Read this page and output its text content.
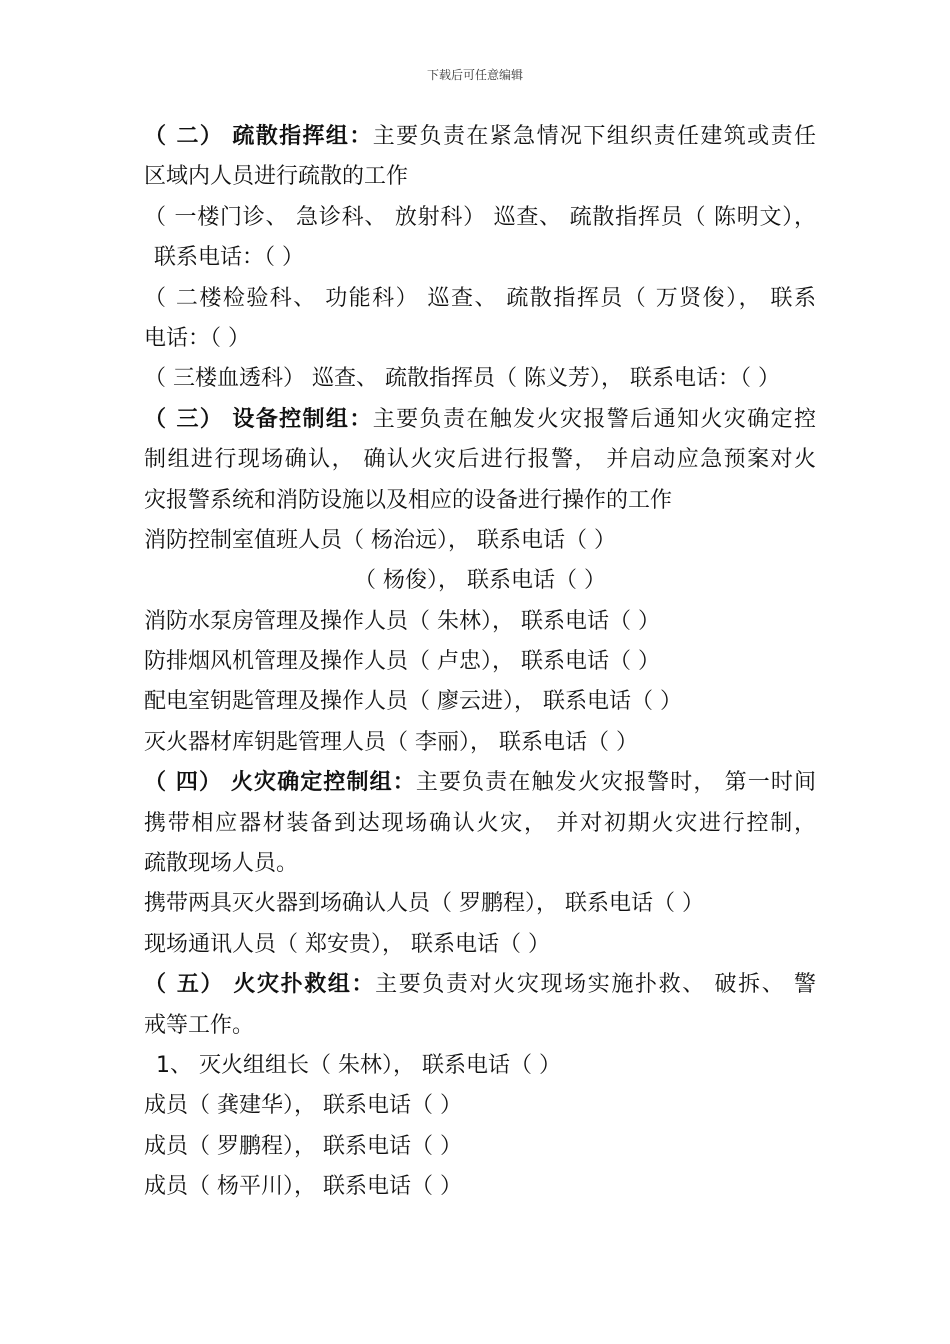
下载后可任意编辑
（ 二） 疏散指挥组：主要负责在紧急情况下组织责任建筑或责任
区域内人员进行疏散的工作
（ 一楼门诊、 急诊科、 放射科） 巡查、 疏散指挥员（ 陈明文），
联系电话：（ ）
（ 二楼检验科、 功能科） 巡查、 疏散指挥员（ 万贤俊）， 联系
电话：（ ）
（ 三楼血透科） 巡查、 疏散指挥员（ 陈义芳）， 联系电话：（ ）
（ 三） 设备控制组：主要负责在触发火灾报警后通知火灾确定控
制组进行现场确认， 确认火灾后进行报警， 并启动应急预案对火
灾报警系统和消防设施以及相应的设备进行操作的工作
消防控制室值班人员（ 杨治远）， 联系电话（ ）
（ 杨俊）， 联系电话（ ）
消防水泵房管理及操作人员（ 朱林）， 联系电话（ ）
防排烟风机管理及操作人员（ 卢忠）， 联系电话（ ）
配电室钥匙管理及操作人员（ 廖云进）， 联系电话（ ）
灭火器材库钥匙管理人员（ 李丽）， 联系电话（ ）
（ 四） 火灾确定控制组：主要负责在触发火灾报警时， 第一时间
携带相应器材装备到达现场确认火灾， 并对初期火灾进行控制，
疏散现场人员。
携带两具灭火器到场确认人员（ 罗鹏程）， 联系电话（ ）
现场通讯人员（ 郑安贵）， 联系电话（ ）
（ 五） 火灾扑救组：主要负责对火灾现场实施扑救、 破拆、 警
戒等工作。
1、 灭火组组长（ 朱林）， 联系电话（ ）
成员（ 龚建华）， 联系电话（ ）
成员（ 罗鹏程）， 联系电话（ ）
成员（ 杨平川）， 联系电话（ ）
